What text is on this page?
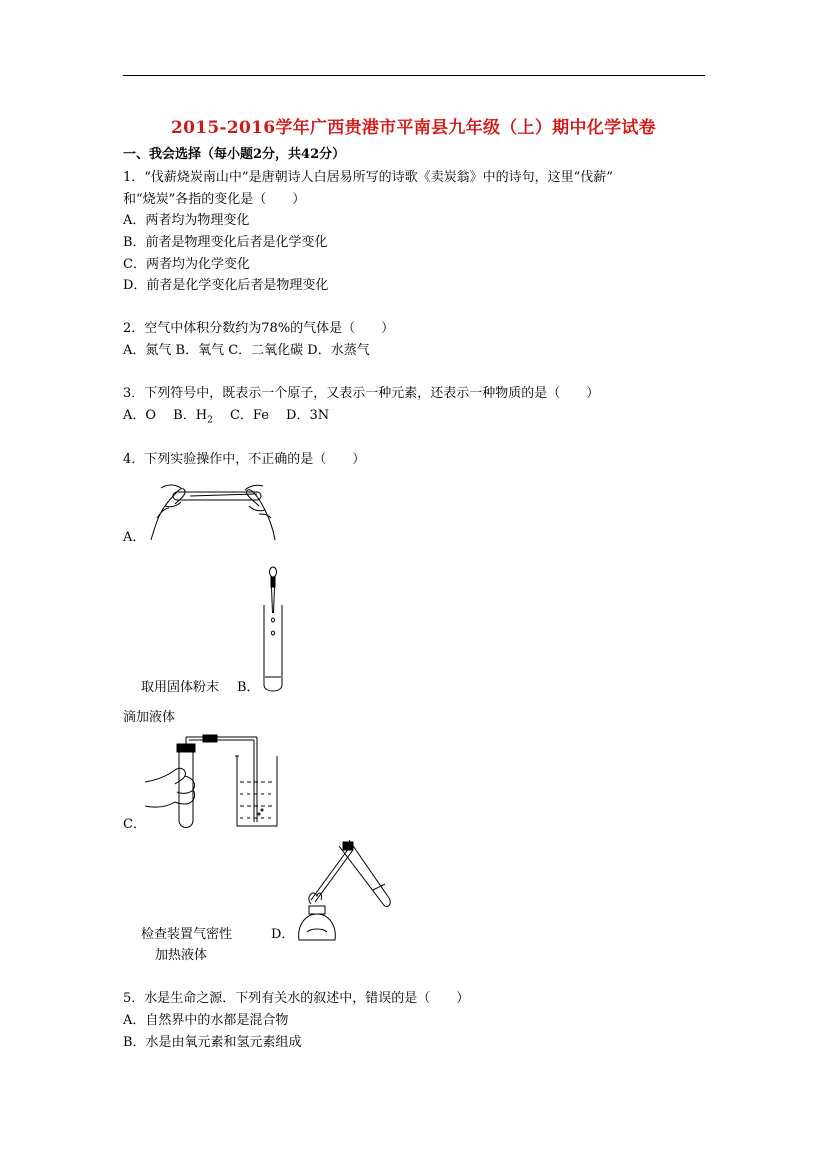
2015-2016学年广西贵港市平南县九年级（上）期中化学试卷
一、我会选择（每小题2分，共42分）
1．“伐薪烧炭南山中”是唐朝诗人白居易所写的诗歌《卖炭翁》中的诗句，这里“伐薪”
和“烧炭”各指的变化是（　　）
A．两者均为物理变化
B．前者是物理变化后者是化学变化
C．两者均为化学变化
D．前者是化学变化后者是物理变化
2．空气中体积分数约为78%的气体是（　　）
A．氮气 B．氧气 C．二氧化碳 D．水蒸气
3．下列符号中，既表示一个原子，又表示一种元素，还表示一种物质的是（　　）
A．O　 B．$H_2$　 C．Fe　 D．3N
4．下列实验操作中，不正确的是（　　）
A．
取用固体粉末 B．
滴加液体
C．
检查装置气密性	D．
加热液体
5．水是生命之源．下列有关水的叙述中，错误的是（　　）
A．自然界中的水都是混合物
B．水是由氧元素和氢元素组成
